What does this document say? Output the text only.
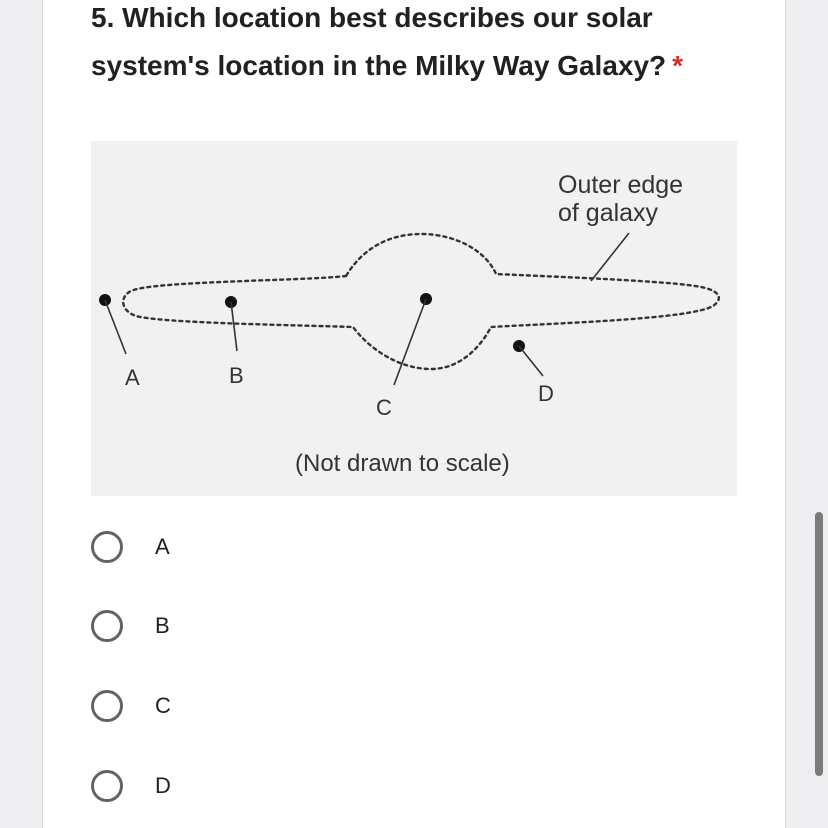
5. Which location best describes our solar system's location in the Milky Way Galaxy? *
Outer edge
of galaxy
A	B
C
D
(Not drawn to scale)
A
B
C
D
